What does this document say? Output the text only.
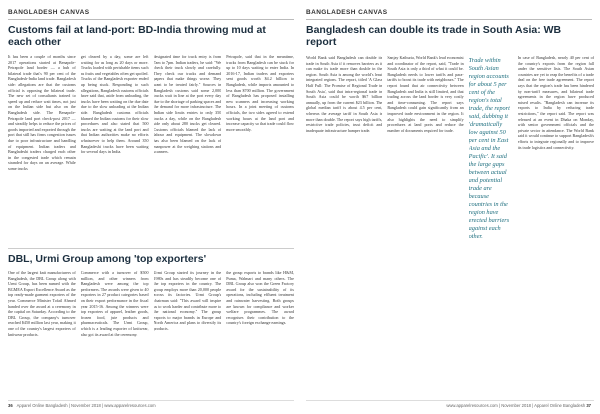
BANGLADESH CANVAS
Customs fail at land-port: BD-India throwing mud at each other

It has been a couple of months since 2017 operations started at Benapole-Petrapole land border — a hub of bilateral trade that's 90 per cent of the Bangladesh-India land trade. Bangladesh side: allegations are that the customs official is opposing the bilateral trade. The new set of consultants trained to speed up and reduce wait times, not just on the Indian side but also on the Bangladesh side. The Benapole-Petrapole land port check-post 2017 — and steadily helps to reduce the prices of goods imported and exported through the port that still has firms congestion issues due to poor infrastructure and handling of equipment. Indian traders and Bangladeshi traders charged each other in the congested trade which remain stranded for days on an average. While some trucks

get cleared by a day, some are left waiting for as long as 20 days or more. Trucks loaded with perishable items such as fruits and vegetables often get spoiled. Trucks of the Bangladesh exporter ended up being stuck. Responding to such allegations, Bangladesh customs officials have said that, aside from unloading, the trucks have been waiting on the due date due to the slow unloading at the Indian side. Bangladesh customs officials blamed the Indian customs for their slow procedures and also stated that 500 trucks are waiting at the land port and that Indian authorities make no efforts whatsoever to help them. Around 350 Bangladeshi trucks have been waiting for several days in India.

designated time for truck entry is from 7am to 7pm. Indian traders, he said: "We check their truck slowly and carefully. They check our trucks and demand papers that make things worse. They want to be treated fairly." Sources in Bangladesh customs said some 2,000 trucks wait in line at the port every day due to the shortage of parking spaces and the demand for more infrastructure. The Indian side limits entries to only 350 trucks a day, while on the Bangladesh side only about 280 trucks get cleared. Customs officials blamed the lack of labour and equipment. The slowdown has also been blamed on the lack of manpower at the weighing stations and scanners.

Petrapole, said that in the meantime, trucks from Bangladesh can be stuck for up to 10 days waiting to enter India. In 2016-17, Indian traders and exporters sent goods worth $4.2 billion to Bangladesh, while imports amounted to less than $700 million. The government of Bangladesh has proposed installing new scanners and increasing working hours. In a joint meeting of customs officials, the two sides agreed to extend working hours at the land port and increase capacity so that trade could flow more smoothly.

DBL, Urmi Group among 'top exporters'

One of the largest knit manufacturers of Bangladesh, the DBL Group along with Urmi Group, has been named with the BGMEA Export Excellence Award as the top ready-made garment exporters of the year. Commerce Minister Tofail Ahmed handed over the award at a ceremony in the capital on Saturday. According to the DBL Group, the company's turnover reached $450 million last year, making it one of the country's largest exporters of knitwear products.

Commerce with a turnover of $500 million, and other winners from Bangladesh were among the top performers. The awards were given to 40 exporters in 27 product categories based on their export performance in the fiscal year 2015-16. Among the winners were top exporters of apparel, leather goods, frozen food, jute products and pharmaceuticals. The Urmi Group, which is a leading exporter of knitwear, also got its award at the ceremony.

Urmi Group started its journey in the 1980s and has steadily become one of the top exporters in the country. The group employs more than 20,000 people across its factories. Urmi Group's chairman said: "This award will inspire us to work harder and contribute more to the national economy." The group exports to major brands in Europe and North America and plans to diversify its products.

the group exports to brands like H&M, Puma, Walmart and many others. The DBL Group also won the Green Factory award for the sustainability of its operations, including effluent treatment and rainwater harvesting. Both groups are known for compliance and worker welfare programmes. The award recognises their contribution to the country's foreign exchange earnings.

36 Apparel Online Bangladesh | November 2018 | www.apparelresources.com
BANGLADESH CANVAS
Bangladesh can double its trade in South Asia: WB report

World Bank said Bangladesh can double its trade in South Asia if it removes barriers as it can make its trade more than double in the region. South Asia is among the world's least integrated regions. The report, titled 'A Glass Half Full: The Promise of Regional Trade in South Asia', said that intra-regional trade in South Asia could be worth $67 billion annually, up from the current $23 billion. The global median tariff is about 4.5 per cent, whereas the average tariff in South Asia is more than double. The report says high tariffs, restrictive trade policies, trust deficit and inadequate infrastructure hamper trade.

Sanjay Kathuria, World Bank's lead economist and coordinator of the report, said, "Trade in South Asia is only a third of what it could be. Bangladesh needs to lower tariffs and para-tariffs to boost its trade with neighbours." The report found that air connectivity between Bangladesh and India is still limited, and that trading across the land border is very costly and time-consuming. The report says Bangladesh could gain significantly from an improved trade environment in the region. It also highlights the need to simplify procedures at land ports and reduce the number of documents required for trade.

Trade within South Asian region accounts for about 5 per cent of the region's total trade, the report said, dubbing it 'dramatically low against 50 per cent in East Asia and the Pacific'. It said the large gaps between actual and potential trade are because countries in the region have erected barriers against each other.

In case of Bangladesh, nearly 40 per cent of the country's exports from the region fall under the sensitive lists. The South Asian countries are yet to reap the benefits of a trade deal on the free trade agreement. The report says that the region's trade has been hindered by non-tariff measures, and bilateral trade agreements in the region have produced mixed results. "Bangladesh can increase its exports to India by reducing trade restrictions," the report said. The report was released at an event in Dhaka on Monday, with senior government officials and the private sector in attendance. The World Bank said it would continue to support Bangladesh's efforts to integrate regionally and to improve its trade logistics and connectivity.

www.apparelresources.com | November 2018 | Apparel Online Bangladesh 37
